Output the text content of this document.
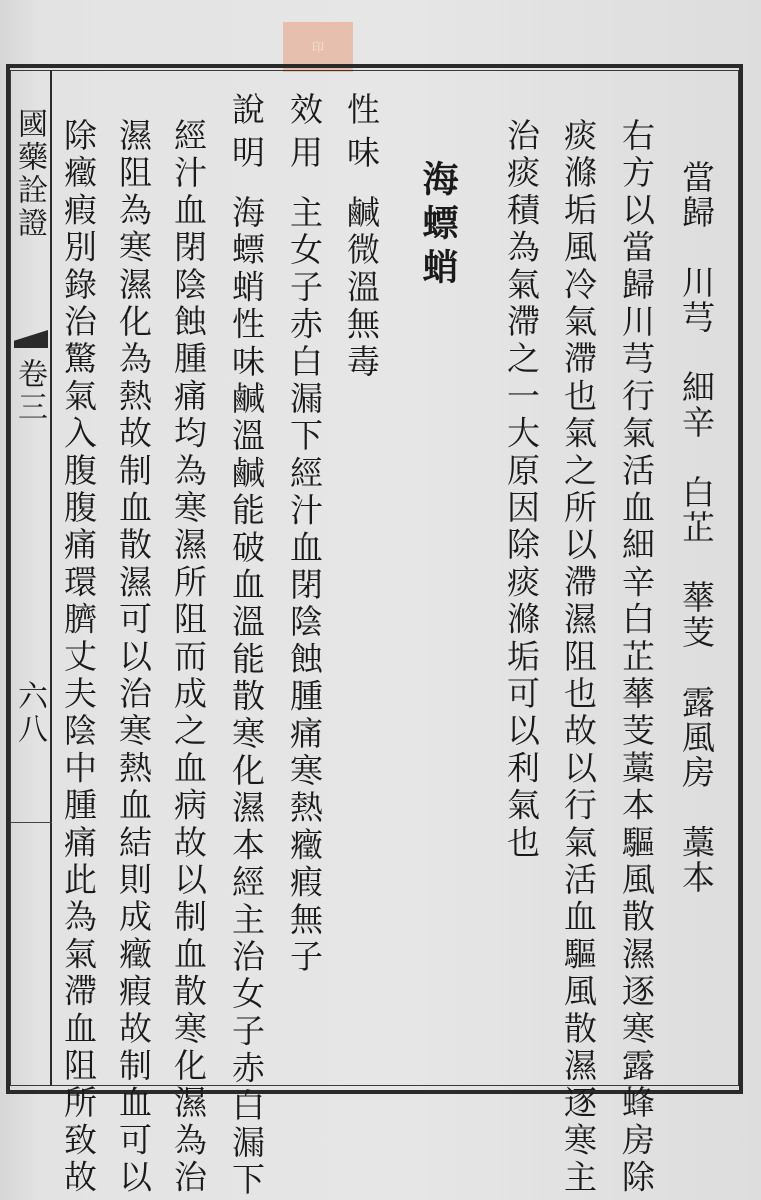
印
國藥詮證
卷三
六八	當歸　川芎　細辛　白芷　蕐芰　露風房　藁本
右方以當歸川芎行氣活血細辛白芷蕐芰藁本驅風散濕逐寒露蜂房除
痰滌垢風冷氣滯也氣之所以滯濕阻也故以行氣活血驅風散濕逐寒主
治痰積為氣滯之一大原因除痰滌垢可以利氣也
海螵蛸
性味
鹹微溫無毒
效用
主女子赤白漏下經汁血閉陰蝕腫痛寒熱癥瘕無子
說明
海螵蛸性味鹹溫鹹能破血溫能散寒化濕本經主治女子赤白漏下
經汁血閉陰蝕腫痛均為寒濕所阻而成之血病故以制血散寒化濕為治
濕阻為寒濕化為熱故制血散濕可以治寒熱血結則成癥瘕故制血可以
除癥瘕別錄治驚氣入腹腹痛環臍丈夫陰中腫痛此為氣滯血阻所致故
